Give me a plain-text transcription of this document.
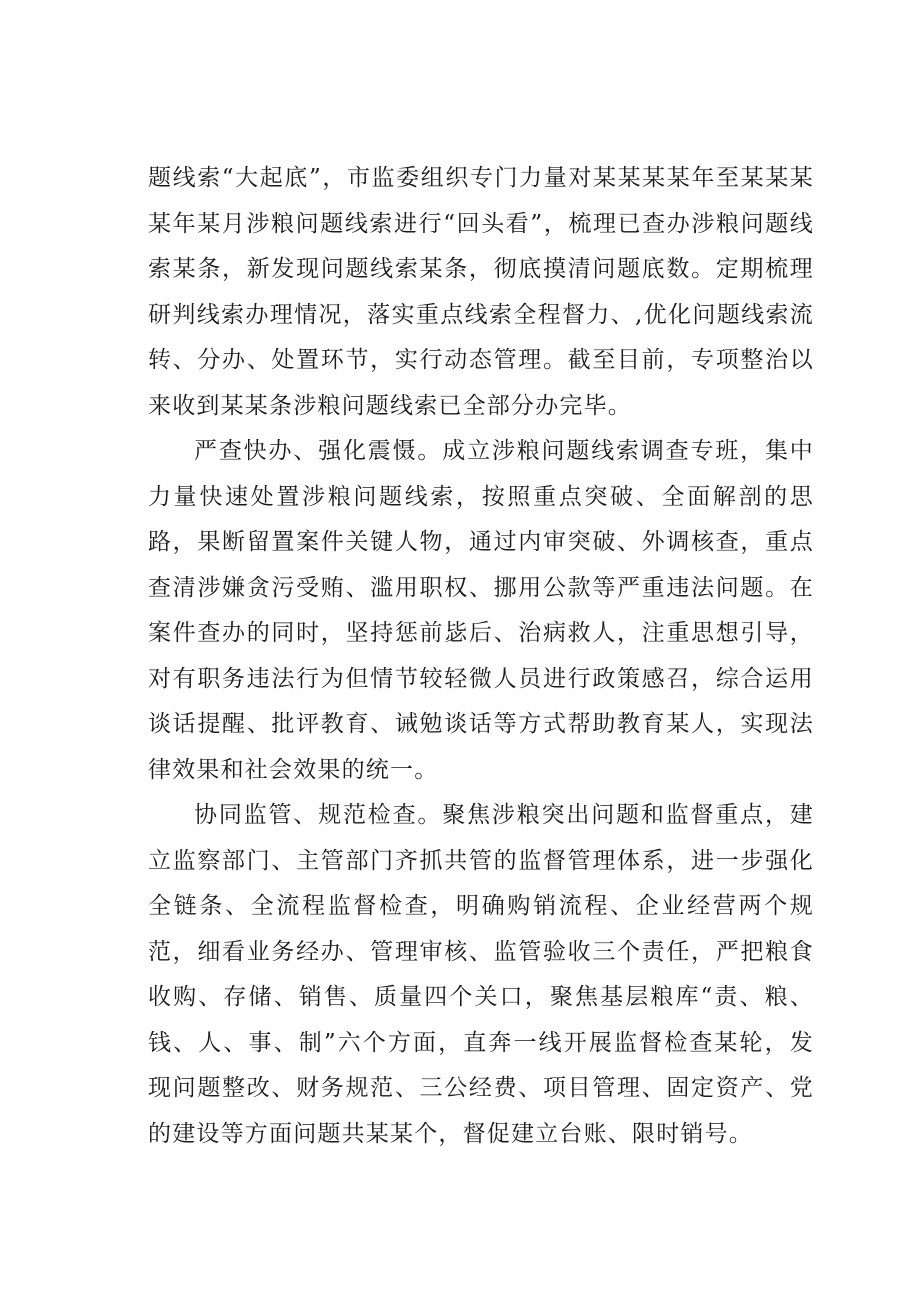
题线索“大起底”，市监委组织专门力量对某某某某年至某某某某年某月涉粮问题线索进行“回头看”，梳理已查办涉粮问题线索某条，新发现问题线索某条，彻底摸清问题底数。定期梳理研判线索办理情况，落实重点线索全程督力、,优化问题线索流转、分办、处置环节，实行动态管理。截至目前，专项整治以来收到某某条涉粮问题线索已全部分办完毕。

严查快办、强化震慑。成立涉粮问题线索调查专班，集中力量快速处置涉粮问题线索，按照重点突破、全面解剖的思路，果断留置案件关键人物，通过内审突破、外调核查，重点查清涉嫌贪污受贿、滥用职权、挪用公款等严重违法问题。在案件查办的同时，坚持惩前毖后、治病救人，注重思想引导，对有职务违法行为但情节较轻微人员进行政策感召，综合运用谈话提醒、批评教育、诫勉谈话等方式帮助教育某人，实现法律效果和社会效果的统一。

协同监管、规范检查。聚焦涉粮突出问题和监督重点，建立监察部门、主管部门齐抓共管的监督管理体系，进一步强化全链条、全流程监督检查，明确购销流程、企业经营两个规范，细看业务经办、管理审核、监管验收三个责任，严把粮食收购、存储、销售、质量四个关口，聚焦基层粮库“责、粮、钱、人、事、制”六个方面，直奔一线开展监督检查某轮，发现问题整改、财务规范、三公经费、项目管理、固定资产、党的建设等方面问题共某某个，督促建立台账、限时销号。
